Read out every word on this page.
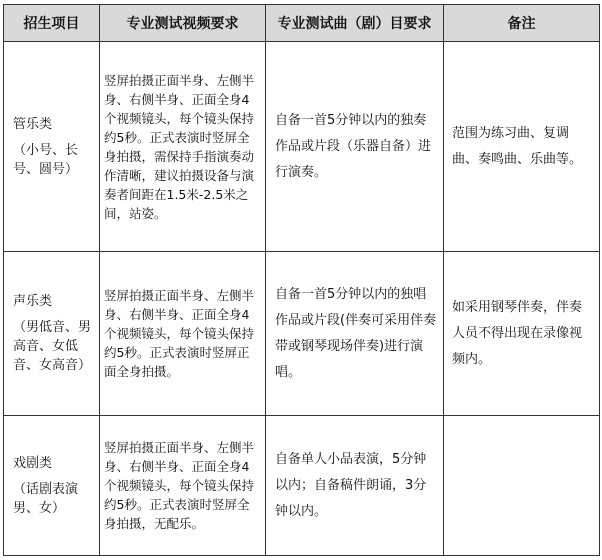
招生项目	专业测试视频要求	专业测试曲（剧）目要求	备注

管乐类
（小号、长号、圆号）	竖屏拍摄正面半身、左侧半身、右侧半身、正面全身4个视频镜头，每个镜头保持约5秒。正式表演时竖屏全身拍摄，需保持手指演奏动作清晰，建议拍摄设备与演奏者间距在1.5米-2.5米之间，站姿。	自备一首5分钟以内的独奏作品或片段（乐器自备）进行演奏。	范围为练习曲、复调曲、奏鸣曲、乐曲等。

声乐类
（男低音、男高音、女低音、女高音）	竖屏拍摄正面半身、左侧半身、右侧半身、正面全身4个视频镜头，每个镜头保持约5秒。正式表演时竖屏正面全身拍摄。	自备一首5分钟以内的独唱作品或片段(伴奏可采用伴奏带或钢琴现场伴奏)进行演唱。	如采用钢琴伴奏，伴奏人员不得出现在录像视频内。

戏剧类
（话剧表演男、女）	竖屏拍摄正面半身、左侧半身、右侧半身、正面全身4个视频镜头，每个镜头保持约5秒。正式表演时竖屏全身拍摄，无配乐。	自备单人小品表演，5分钟以内；自备稿件朗诵，3分钟以内。	
